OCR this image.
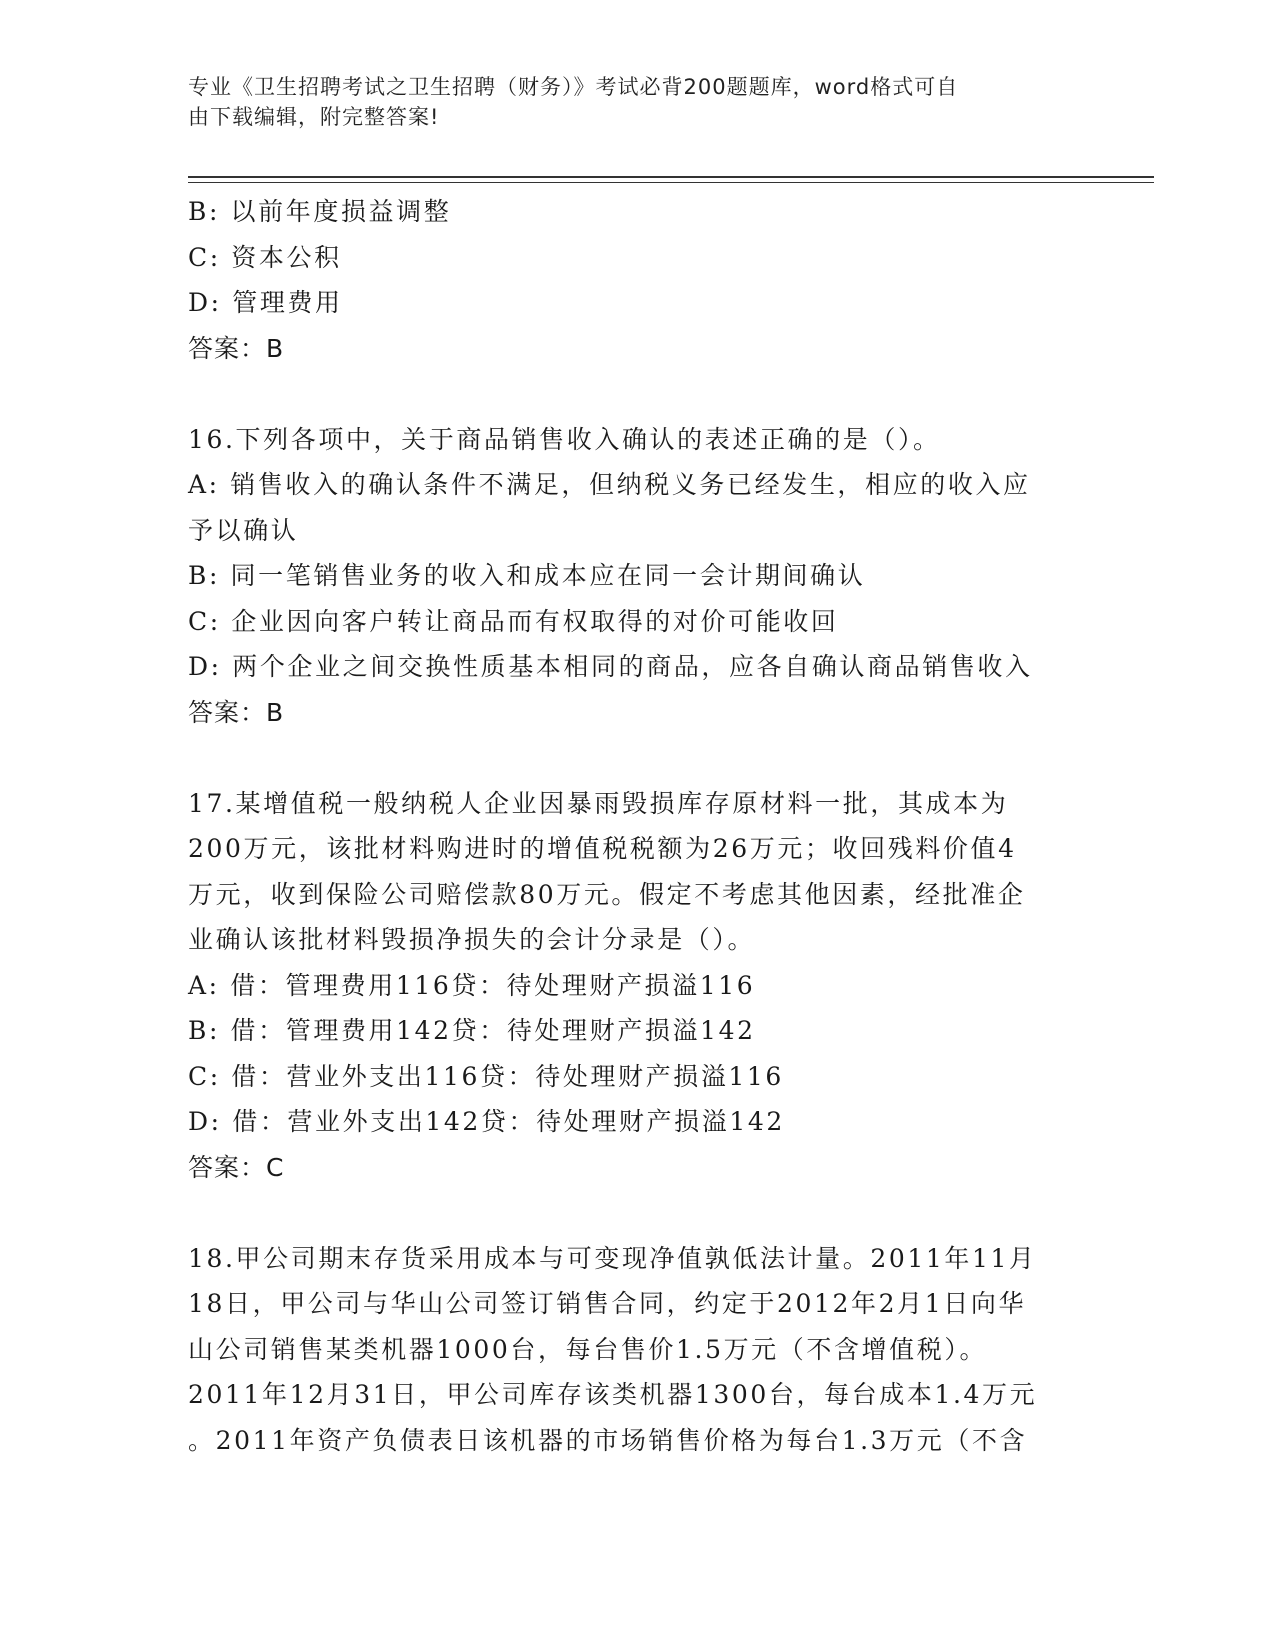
专业《卫生招聘考试之卫生招聘（财务）》考试必背200题题库，word格式可自
由下载编辑，附完整答案!
B: 以前年度损益调整
C: 资本公积
D: 管理费用
答案：B
16.下列各项中，关于商品销售收入确认的表述正确的是（）。
A: 销售收入的确认条件不满足，但纳税义务已经发生，相应的收入应
予以确认
B: 同一笔销售业务的收入和成本应在同一会计期间确认
C: 企业因向客户转让商品而有权取得的对价可能收回
D: 两个企业之间交换性质基本相同的商品，应各自确认商品销售收入
答案：B
17.某增值税一般纳税人企业因暴雨毁损库存原材料一批，其成本为
200万元，该批材料购进时的增值税税额为26万元；收回残料价值4
万元，收到保险公司赔偿款80万元。假定不考虑其他因素，经批准企
业确认该批材料毁损净损失的会计分录是（）。
A: 借：管理费用116贷：待处理财产损溢116
B: 借：管理费用142贷：待处理财产损溢142
C: 借：营业外支出116贷：待处理财产损溢116
D: 借：营业外支出142贷：待处理财产损溢142
答案：C
18.甲公司期末存货采用成本与可变现净值孰低法计量。2011年11月
18日，甲公司与华山公司签订销售合同，约定于2012年2月1日向华
山公司销售某类机器1000台，每台售价1.5万元（不含增值税）。
2011年12月31日，甲公司库存该类机器1300台，每台成本1.4万元
。2011年资产负债表日该机器的市场销售价格为每台1.3万元（不含
